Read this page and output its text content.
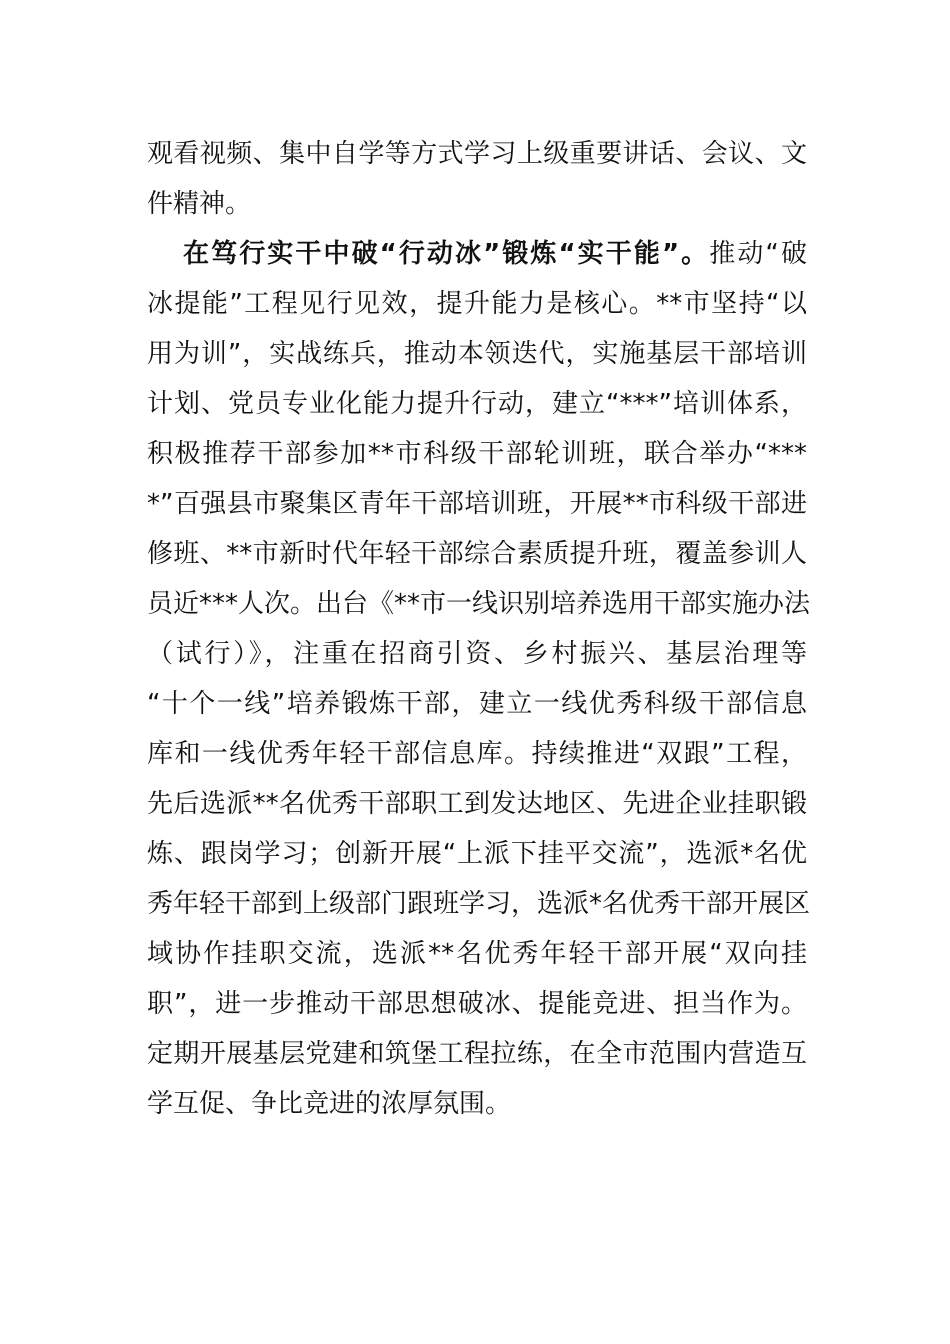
观看视频、集中自学等方式学习上级重要讲话、会议、文
件精神。
在笃行实干中破“行动冰”锻炼“实干能”。推动“破
冰提能”工程见行见效，提升能力是核心。**市坚持“以
用为训”，实战练兵，推动本领迭代，实施基层干部培训
计划、党员专业化能力提升行动，建立“***”培训体系，
积极推荐干部参加**市科级干部轮训班，联合举办“***
*”百强县市聚集区青年干部培训班，开展**市科级干部进
修班、**市新时代年轻干部综合素质提升班，覆盖参训人
员近***人次。出台《**市一线识别培养选用干部实施办法
（试行）》，注重在招商引资、乡村振兴、基层治理等
“十个一线”培养锻炼干部，建立一线优秀科级干部信息
库和一线优秀年轻干部信息库。持续推进“双跟”工程，
先后选派**名优秀干部职工到发达地区、先进企业挂职锻
炼、跟岗学习；创新开展“上派下挂平交流”，选派*名优
秀年轻干部到上级部门跟班学习，选派*名优秀干部开展区
域协作挂职交流，选派**名优秀年轻干部开展“双向挂
职”，进一步推动干部思想破冰、提能竞进、担当作为。
定期开展基层党建和筑堡工程拉练，在全市范围内营造互
学互促、争比竞进的浓厚氛围。
